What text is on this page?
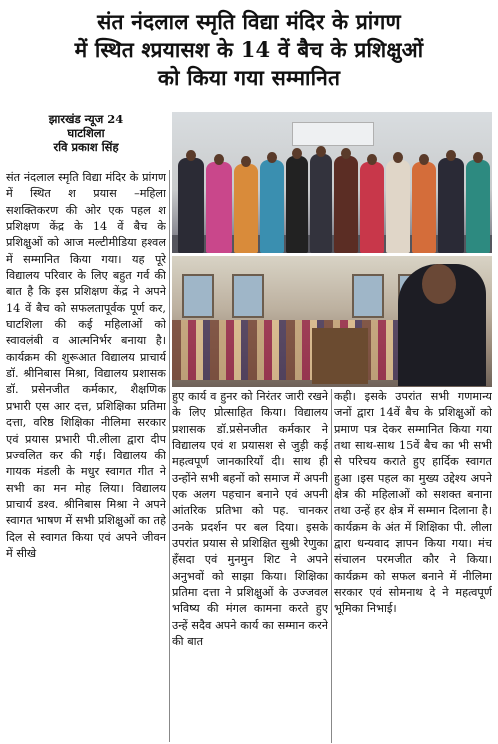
संत नंदलाल स्मृति विद्या मंदिर के प्रांगण
में स्थित श्प्रयासश के 14 वें बैच के प्रशिक्षुओं
को किया गया सम्मानित
झारखंड न्यूज 24
घाटशिला
रवि प्रकाश सिंह

संत नंदलाल स्मृति विद्या मंदिर के प्रांगण में स्थित श प्रयास –महिला सशक्तिकरण की ओर एक पहल श प्रशिक्षण केंद्र के 14 वें बैच के प्रशिक्षुओं को आज मल्टीमीडिया हश्वल में सम्मानित किया गया। यह पूरे विद्यालय परिवार के लिए बहुत गर्व की बात है कि इस प्रशिक्षण केंद्र ने अपने 14 वें बैच को सफलतापूर्वक पूर्ण कर, घाटशिला की कई महिलाओं को स्वावलंबी व आत्मनिर्भर बनाया है। कार्यक्रम की शुरूआत विद्यालय प्राचार्य डॉ. श्रीनिबास मिश्रा, विद्यालय प्रशासक डॉ. प्रसेनजीत कर्मकार, शैक्षणिक प्रभारी एस आर दत्त, प्रशिक्षिका प्रतिमा दत्ता, वरिष्ठ शिक्षिका नीलिमा सरकार एवं प्रयास प्रभारी पी.लीला द्वारा दीप प्रज्वलित कर की गई। विद्यालय की गायक मंडली के मधुर स्वागत गीत ने सभी का मन मोह लिया। विद्यालय प्राचार्य डश्व. श्रीनिबास मिश्रा ने अपने स्वागत भाषण में सभी प्रशिक्षुओं का तहे दिल से स्वागत किया एवं अपने जीवन में सीखे

हुए कार्य व हुनर को निरंतर जारी रखने के लिए प्रोत्साहित किया। विद्यालय प्रशासक डॉ.प्रसेनजीत कर्मकार ने विद्यालय एवं श प्रयासश से जुड़ी कई महत्वपूर्ण जानकारियाँ दी। साथ ही उन्होंने सभी बहनों को समाज में अपनी एक अलग पहचान बनाने एवं अपनी आंतरिक प्रतिभा को पह. चानकर उनके प्रदर्शन पर बल दिया। इसके उपरांत प्रयास से प्रशिक्षित सुश्री रेणुका हँसदा एवं मुनमुन शिट ने अपने अनुभवों को साझा किया। शिक्षिका प्रतिमा दत्ता ने प्रशिक्षुओं के उज्जवल भविष्य की मंगल कामना करते हुए उन्हें सदैव अपने कार्य का सम्मान करने की बात

कही। इसके उपरांत सभी गणमान्य जनों द्वारा 14वें बैच के प्रशिक्षुओं को प्रमाण पत्र देकर सम्मानित किया गया तथा साथ-साथ 15वें बैच का भी सभी से परिचय कराते हुए हार्दिक स्वागत हुआ ।इस पहल का मुख्य उद्देश्य अपने क्षेत्र की महिलाओं को सशक्त बनाना तथा उन्हें हर क्षेत्र में सम्मान दिलाना है।कार्यक्रम के अंत में शिक्षिका पी. लीला द्वारा धन्यवाद ज्ञापन किया गया। मंच संचालन परमजीत कौर ने किया। कार्यक्रम को सफल बनाने में नीलिमा सरकार एवं सोमनाथ दे ने महत्वपूर्ण भूमिका निभाई।
